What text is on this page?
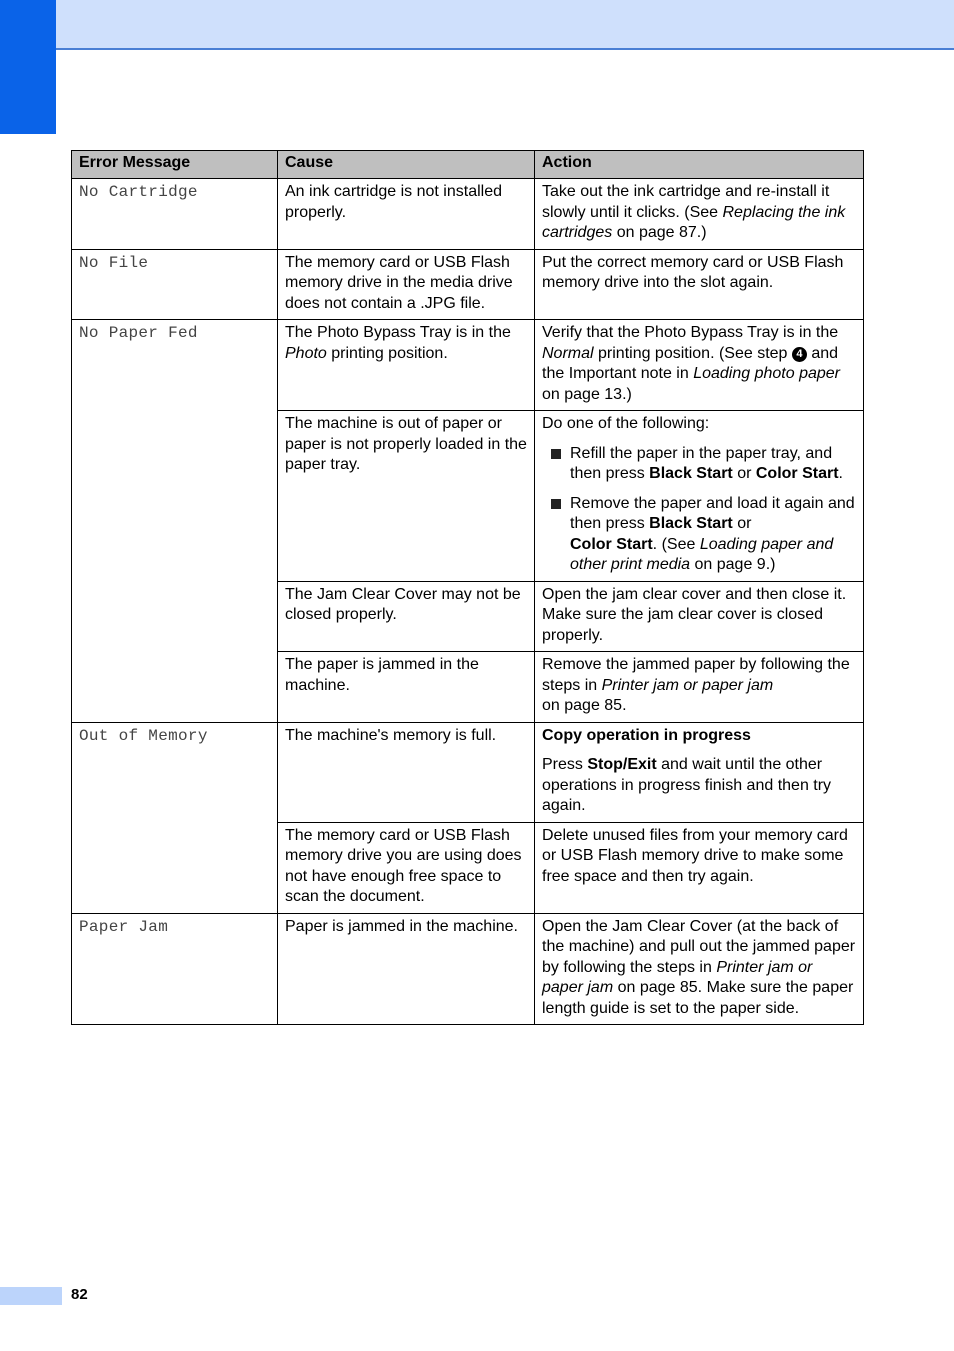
Error Message	Cause	Action
No Cartridge	An ink cartridge is not installed properly.	Take out the ink cartridge and re-install it slowly until it clicks. (See Replacing the ink cartridges on page 87.)
No File	The memory card or USB Flash memory drive in the media drive does not contain a .JPG file.	Put the correct memory card or USB Flash memory drive into the slot again.
No Paper Fed	The Photo Bypass Tray is in the Photo printing position.	Verify that the Photo Bypass Tray is in the Normal printing position. (See step 4 and the Important note in Loading photo paper on page 13.)
	The machine is out of paper or paper is not properly loaded in the paper tray.	Do one of the following:
Refill the paper in the paper tray, and then press Black Start or Color Start.
Remove the paper and load it again and then press Black Start or
Color Start. (See Loading paper and other print media on page 9.)

	The Jam Clear Cover may not be closed properly.	Open the jam clear cover and then close it. Make sure the jam clear cover is closed properly.
	The paper is jammed in the machine.	Remove the jammed paper by following the steps in Printer jam or paper jam
on page 85.
Out of Memory	The machine's memory is full.	Copy operation in progress
Press Stop/Exit and wait until the other operations in progress finish and then try again.

	The memory card or USB Flash memory drive you are using does not have enough free space to scan the document.	Delete unused files from your memory card or USB Flash memory drive to make some free space and then try again.
Paper Jam	Paper is jammed in the machine.	Open the Jam Clear Cover (at the back of the machine) and pull out the jammed paper by following the steps in Printer jam or paper jam on page 85. Make sure the paper length guide is set to the paper side.
82
